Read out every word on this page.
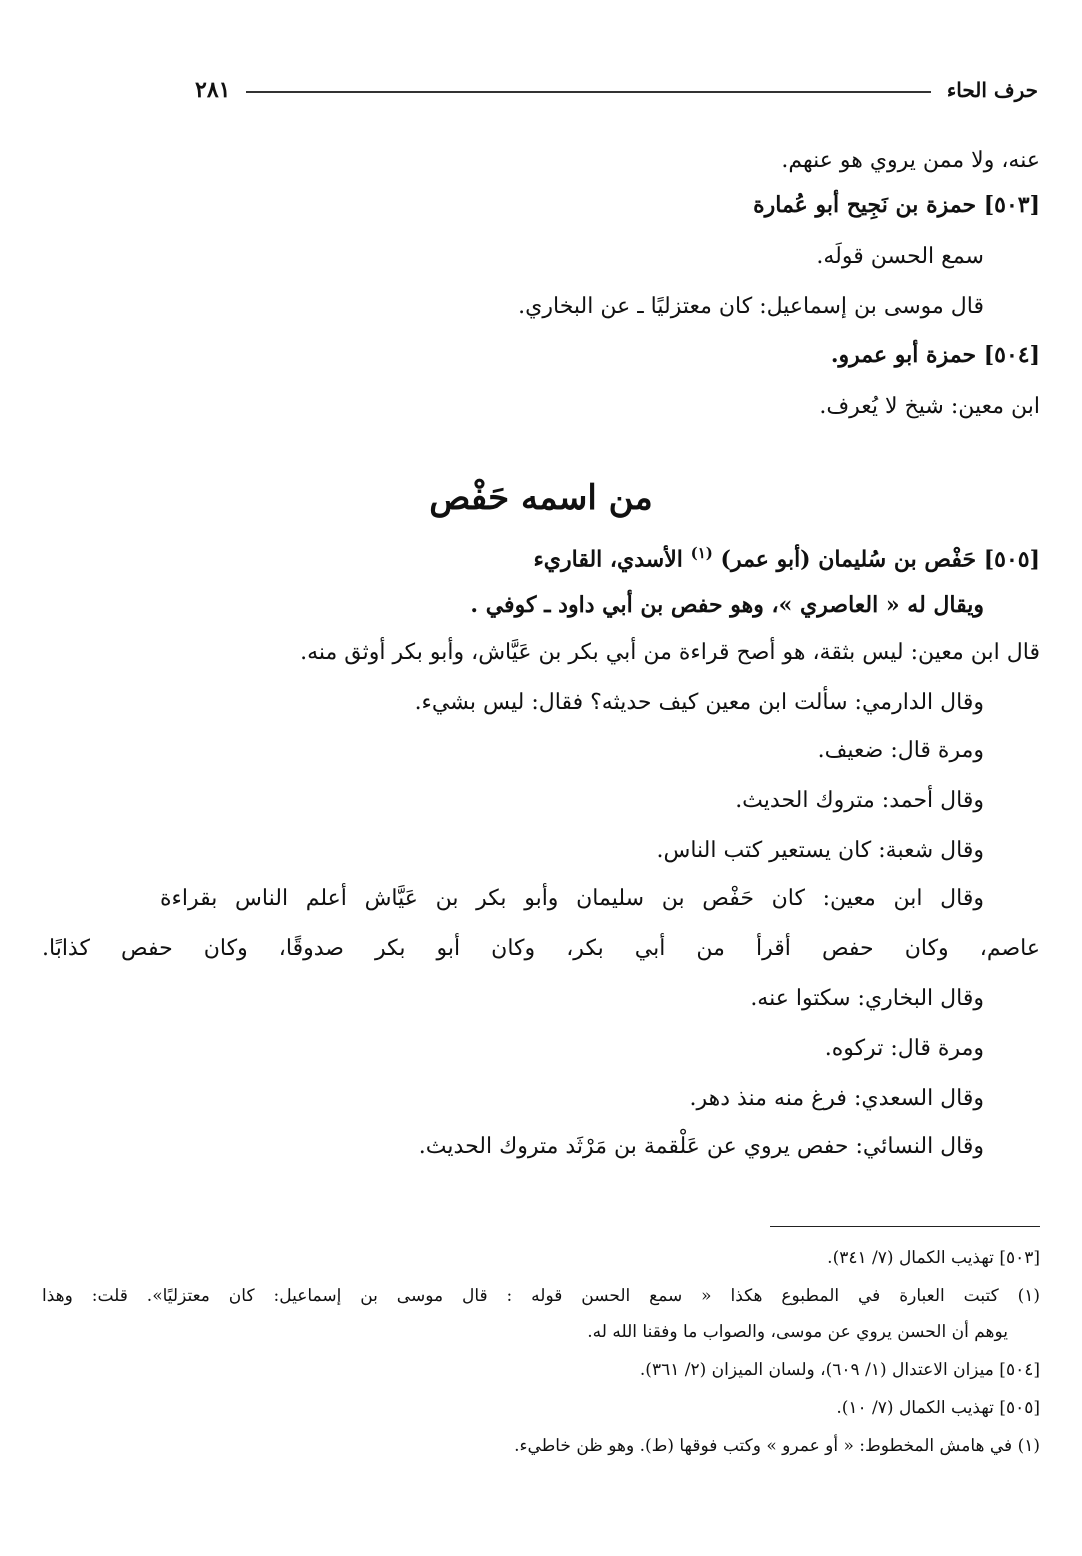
حرف الحاء
٢٨١
عنه، ولا ممن يروي هو عنهم.
[٥٠٣] حمزة بن نَجِيح أبو عُمارة
سمع الحسن قولَه.
قال موسى بن إسماعيل: كان معتزليًا ـ عن البخاري.
[٥٠٤] حمزة أبو عمرو.
ابن معين: شيخ لا يُعرف.
من اسمه حَفْص
[٥٠٥] حَفْص بن سُليمان (أبو عمر) $^{(١)}$ الأسدي، القاريء
ويقال له « العاصري »، وهو حفص بن أبي داود ـ كوفي .
قال ابن معين: ليس بثقة، هو أصح قراءة من أبي بكر بن عَيَّاش، وأبو بكر أوثق منه.
وقال الدارمي: سألت ابن معين كيف حديثه؟ فقال: ليس بشيء.
ومرة قال: ضعيف.
وقال أحمد: متروك الحديث.
وقال شعبة: كان يستعير كتب الناس.
وقال ابن معين: كان حَفْص بن سليمان وأبو بكر بن عَيَّاش أعلم الناس بقراءة
عاصم، وكان حفص أقرأ من أبي بكر، وكان أبو بكر صدوقًا، وكان حفص كذابًا.
وقال البخاري: سكتوا عنه.
ومرة قال: تركوه.
وقال السعدي: فرغ منه منذ دهر.
وقال النسائي: حفص يروي عن عَلْقمة بن مَرْثَد متروك الحديث.
[٥٠٣] تهذيب الكمال (٧/ ٣٤١).
(١) كتبت العبارة في المطبوع هكذا « سمع الحسن قوله : قال موسى بن إسماعيل: كان معتزليًا». قلت: وهذا
يوهم أن الحسن يروي عن موسى، والصواب ما وفقنا الله له.
[٥٠٤] ميزان الاعتدال (١/ ٦٠٩)، ولسان الميزان (٢/ ٣٦١).
[٥٠٥] تهذيب الكمال (٧/ ١٠).
(١) في هامش المخطوط: « أو عمرو » وكتب فوقها (ط). وهو ظن خاطيء.
